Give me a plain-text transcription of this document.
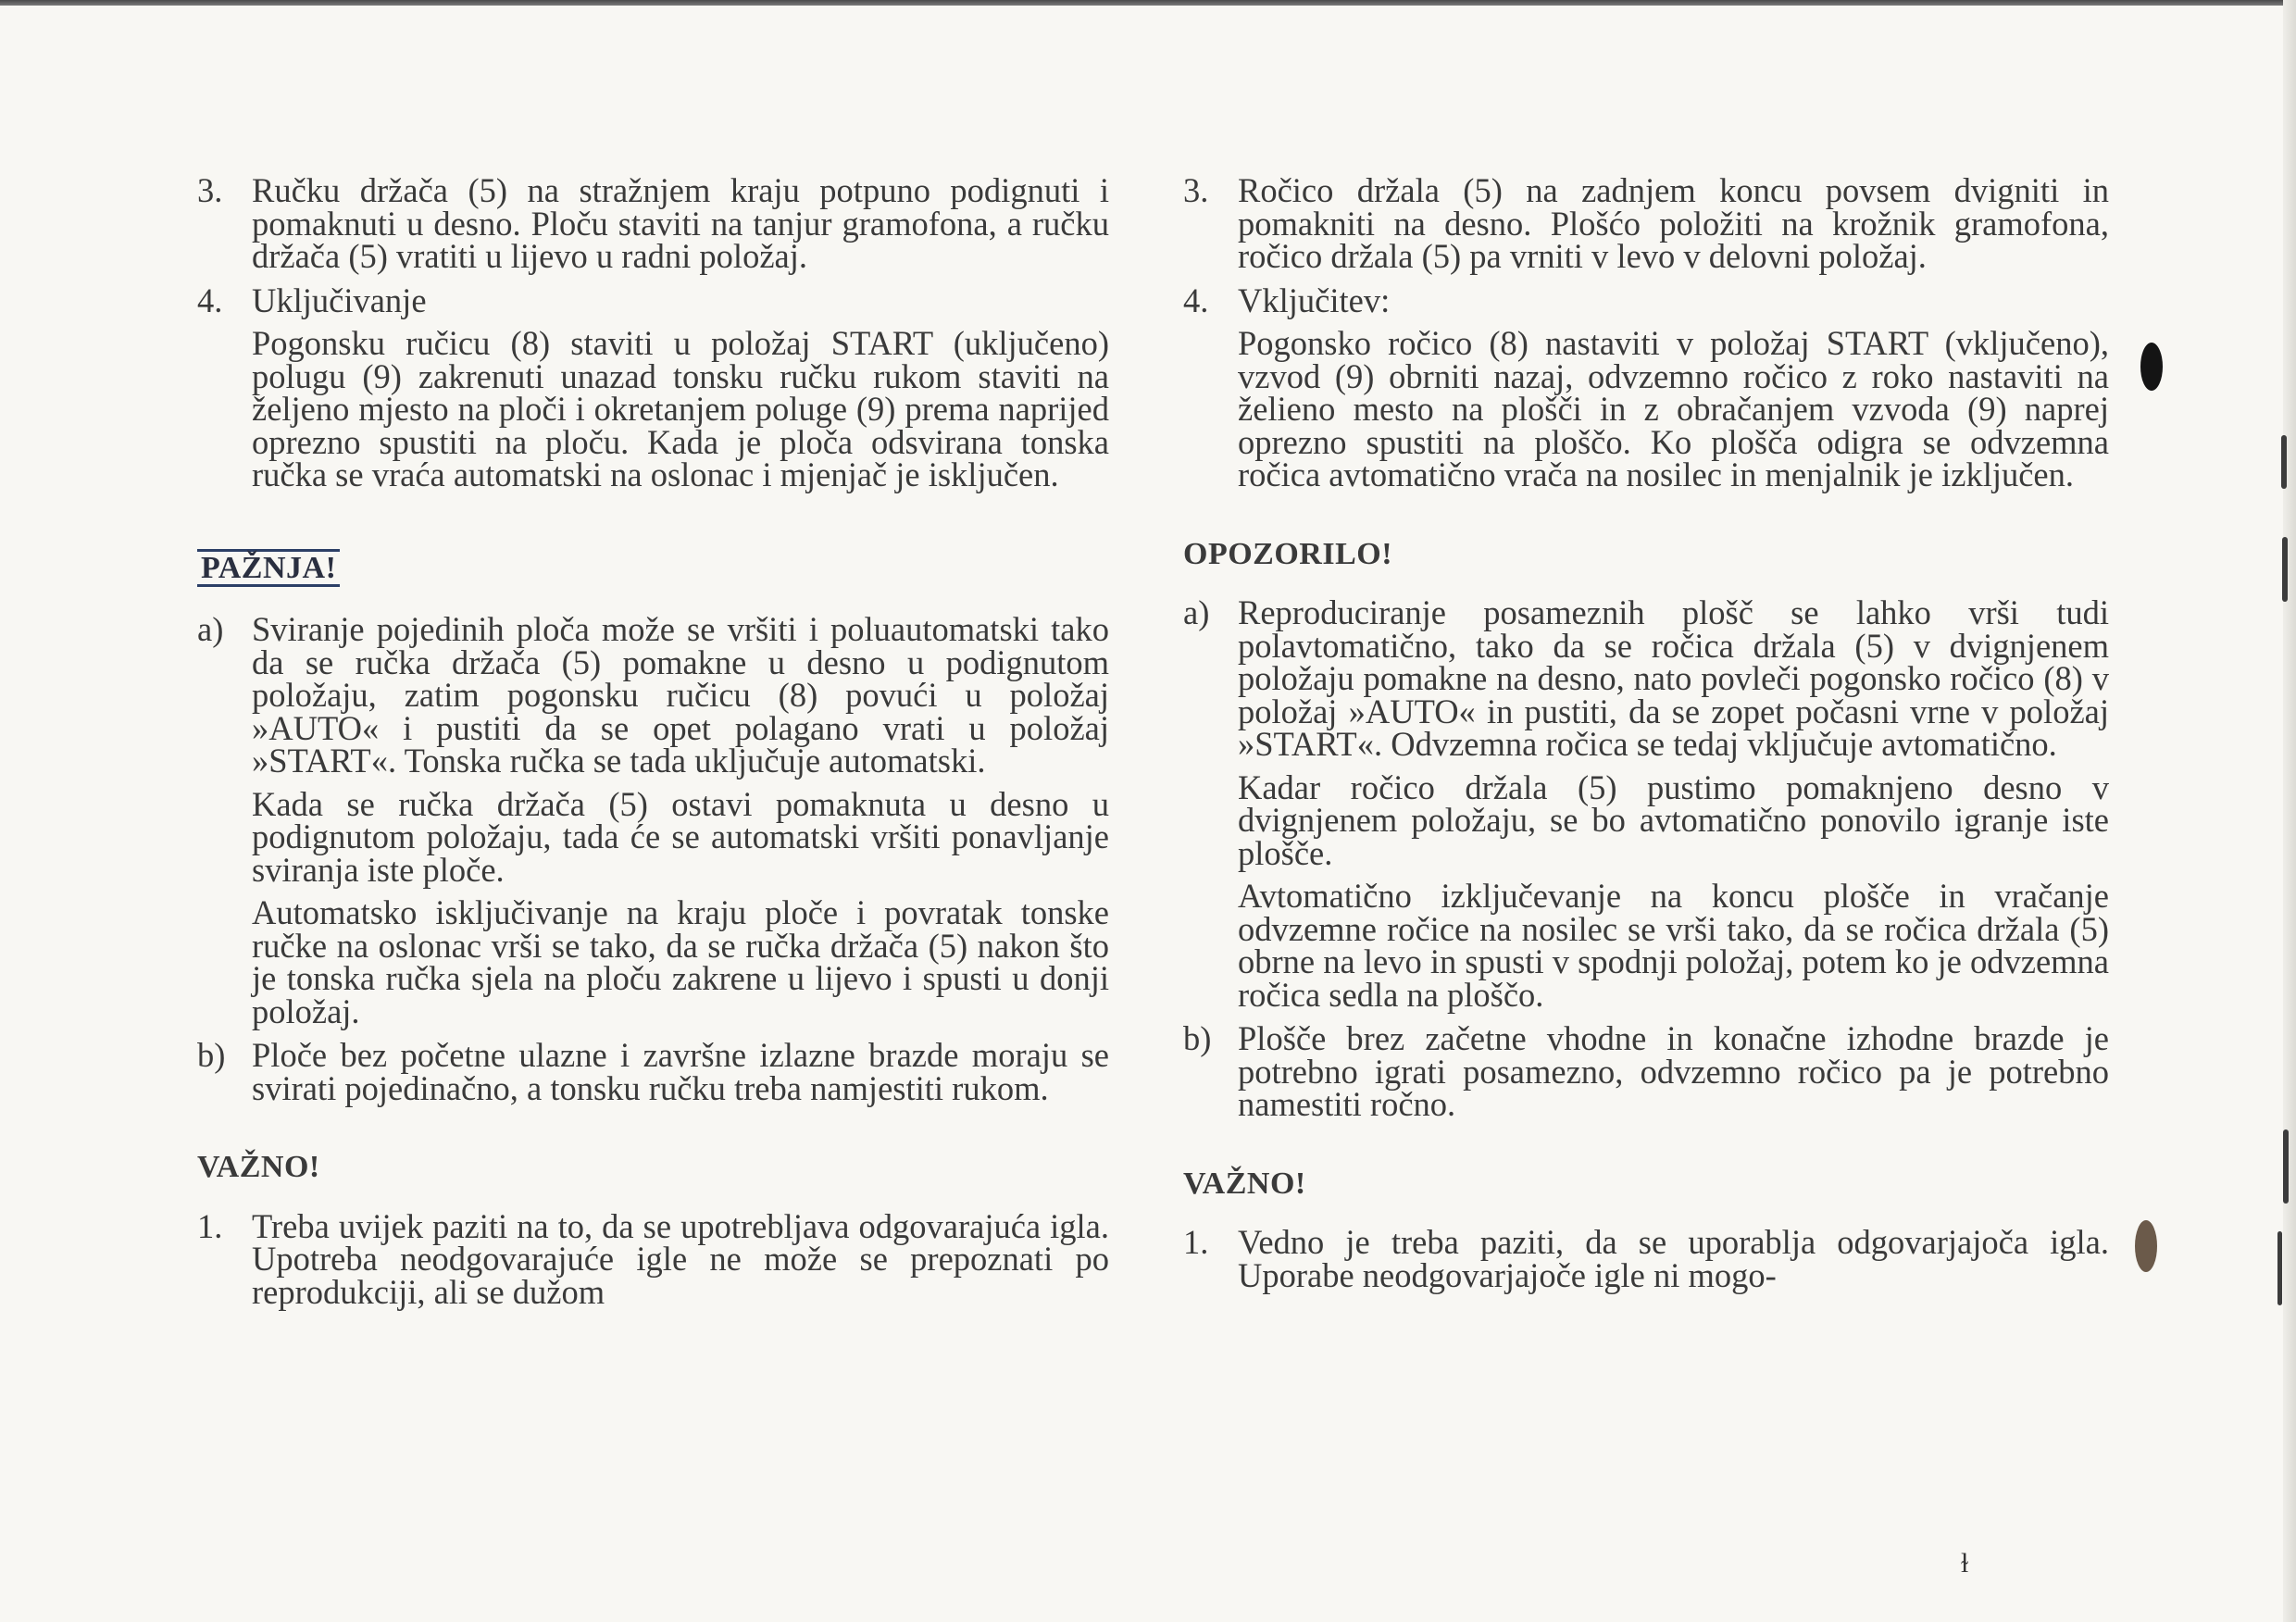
3. Ručku držača (5) na stražnjem kraju potpuno podignuti i pomaknuti u desno. Ploču staviti na tanjur gramofona, a ručku držača (5) vratiti u lijevo u radni položaj.

4. Uključivanje

Pogonsku ručicu (8) staviti u položaj START (uključeno) polugu (9) zakrenuti unazad tonsku ručku rukom staviti na željeno mjesto na ploči i okretanjem poluge (9) prema naprijed oprezno spustiti na ploču. Kada je ploča odsvirana tonska ručka se vraća automatski na oslonac i mjenjač je isključen.

PAŽNJA!
a) Sviranje pojedinih ploča može se vršiti i poluautomatski tako da se ručka držača (5) pomakne u desno u podignutom položaju, zatim pogonsku ručicu (8) povući u položaj »AUTO« i pustiti da se opet polagano vrati u položaj »START«. Tonska ručka se tada uključuje automatski.

Kada se ručka držača (5) ostavi pomaknuta u desno u podignutom položaju, tada će se automatski vršiti ponavljanje sviranja iste ploče.

Automatsko isključivanje na kraju ploče i povratak tonske ručke na oslonac vrši se tako, da se ručka držača (5) nakon što je tonska ručka sjela na ploču zakrene u lijevo i spusti u donji položaj.

b) Ploče bez početne ulazne i završne izlazne brazde moraju se svirati pojedinačno, a tonsku ručku treba namjestiti rukom.

VAŽNO!
1. Treba uvijek paziti na to, da se upotrebljava odgovarajuća igla. Upotreba neodgovarajuće igle ne može se prepoznati po reprodukciji, ali se dužom

3. Ročico držala (5) na zadnjem koncu povsem dvigniti in pomakniti na desno. Plošćo položiti na krožnik gramofona, ročico držala (5) pa vrniti v levo v delovni položaj.

4. Vključitev:

Pogonsko ročico (8) nastaviti v položaj START (vključeno), vzvod (9) obrniti nazaj, odvzemno ročico z roko nastaviti na želieno mesto na plošči in z obračanjem vzvoda (9) naprej oprezno spustiti na ploščo. Ko plošča odigra se odvzemna ročica avtomatično vrača na nosilec in menjalnik je izključen.

OPOZORILO!
a) Reproduciranje posameznih plošč se lahko vrši tudi polavtomatično, tako da se ročica držala (5) v dvignjenem položaju pomakne na desno, nato povleči pogonsko ročico (8) v položaj »AUTO« in pustiti, da se zopet počasni vrne v položaj »START«. Odvzemna ročica se tedaj vključuje avtomatično.

Kadar ročico držala (5) pustimo pomaknjeno desno v dvignjenem položaju, se bo avtomatično ponovilo igranje iste plošče.

Avtomatično izključevanje na koncu plošče in vračanje odvzemne ročice na nosilec se vrši tako, da se ročica držala (5) obrne na levo in spusti v spodnji položaj, potem ko je odvzemna ročica sedla na ploščo.

b) Plošče brez začetne vhodne in konačne izhodne brazde je potrebno igrati posamezno, odvzemno ročico pa je potrebno namestiti ročno.

VAŽNO!
1. Vedno je treba paziti, da se uporablja odgovarjajoča igla. Uporabe neodgovarjajoče igle ni mogo-

ɫ
